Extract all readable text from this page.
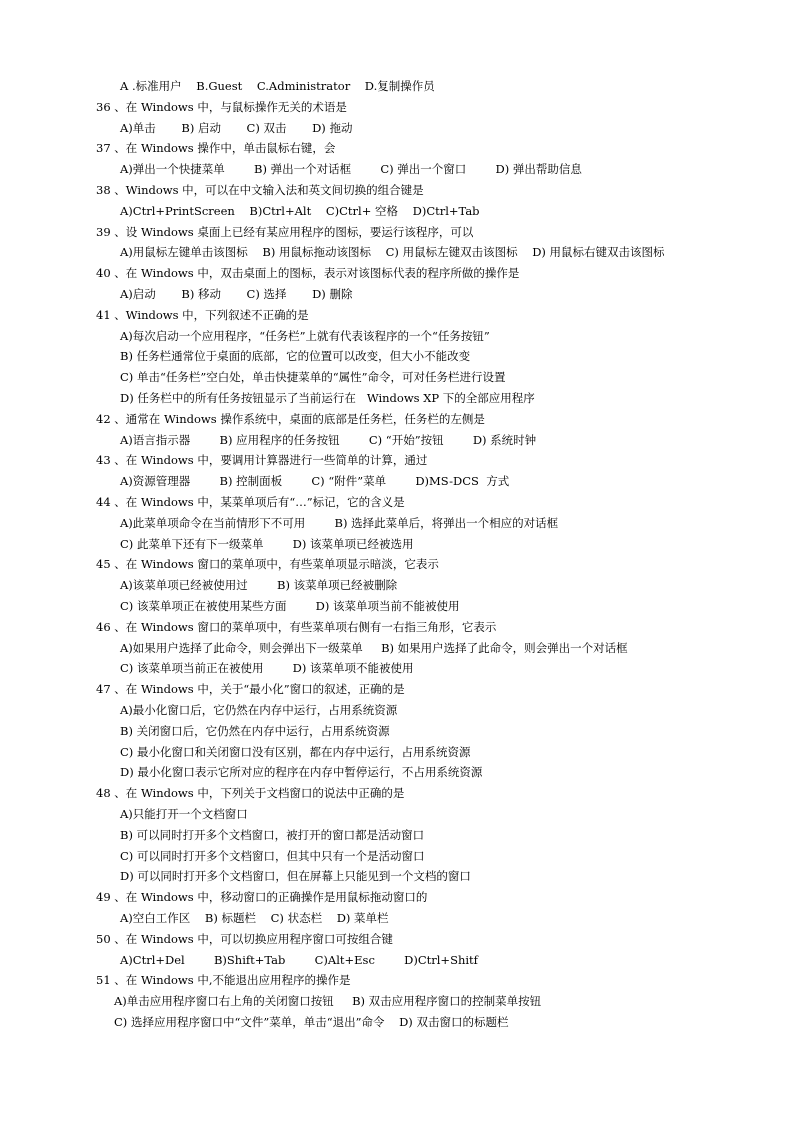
A .标准用户    B.Guest    C.Administrator    D.复制操作员
36 、在 Windows 中，与鼠标操作无关的术语是
A)单击       B) 启动       C) 双击       D) 拖动
37 、在 Windows 操作中，单击鼠标右键，会
A)弹出一个快捷菜单        B) 弹出一个对话框        C) 弹出一个窗口        D) 弹出帮助信息
38 、Windows 中，可以在中文输入法和英文间切换的组合键是
A)Ctrl+PrintScreen    B)Ctrl+Alt    C)Ctrl+ 空格    D)Ctrl+Tab
39 、设 Windows 桌面上已经有某应用程序的图标，要运行该程序，可以
A)用鼠标左键单击该图标    B) 用鼠标拖动该图标    C) 用鼠标左键双击该图标    D) 用鼠标右键双击该图标
40 、在 Windows 中，双击桌面上的图标，表示对该图标代表的程序所做的操作是
A)启动       B) 移动       C) 选择       D) 删除
41 、Windows 中，下列叙述不正确的是
A)每次启动一个应用程序，“任务栏”上就有代表该程序的一个“任务按钮”
B) 任务栏通常位于桌面的底部，它的位置可以改变，但大小不能改变
C) 单击“任务栏”空白处，单击快捷菜单的“属性”命令，可对任务栏进行设置
D) 任务栏中的所有任务按钮显示了当前运行在   Windows XP 下的全部应用程序
42 、通常在 Windows 操作系统中，桌面的底部是任务栏，任务栏的左侧是
A)语言指示器        B) 应用程序的任务按钮        C) “开始”按钮        D) 系统时钟
43 、在 Windows 中，要调用计算器进行一些简单的计算，通过
A)资源管理器        B) 控制面板        C) “附件”菜单        D)MS-DCS  方式
44 、在 Windows 中，某菜单项后有“…”标记，它的含义是
A)此菜单项命令在当前情形下不可用        B) 选择此菜单后，将弹出一个相应的对话框
C) 此菜单下还有下一级菜单        D) 该菜单项已经被选用
45 、在 Windows 窗口的菜单项中，有些菜单项显示暗淡，它表示
A)该菜单项已经被使用过        B) 该菜单项已经被删除
C) 该菜单项正在被使用某些方面        D) 该菜单项当前不能被使用
46 、在 Windows 窗口的菜单项中，有些菜单项右侧有一右指三角形，它表示
A)如果用户选择了此命令，则会弹出下一级菜单     B) 如果用户选择了此命令，则会弹出一个对话框
C) 该菜单项当前正在被使用        D) 该菜单项不能被使用
47 、在 Windows 中，关于“最小化”窗口的叙述，正确的是
A)最小化窗口后，它仍然在内存中运行，占用系统资源
B) 关闭窗口后，它仍然在内存中运行，占用系统资源
C) 最小化窗口和关闭窗口没有区别，都在内存中运行，占用系统资源
D) 最小化窗口表示它所对应的程序在内存中暂停运行，不占用系统资源
48 、在 Windows 中，下列关于文档窗口的说法中正确的是
A)只能打开一个文档窗口
B) 可以同时打开多个文档窗口，被打开的窗口都是活动窗口
C) 可以同时打开多个文档窗口，但其中只有一个是活动窗口
D) 可以同时打开多个文档窗口，但在屏幕上只能见到一个文档的窗口
49 、在 Windows 中，移动窗口的正确操作是用鼠标拖动窗口的
A)空白工作区    B) 标题栏    C) 状态栏    D) 菜单栏
50 、在 Windows 中，可以切换应用程序窗口可按组合键
A)Ctrl+Del        B)Shift+Tab        C)Alt+Esc        D)Ctrl+Shitf
51 、在 Windows 中,不能退出应用程序的操作是
A)单击应用程序窗口右上角的关闭窗口按钮     B) 双击应用程序窗口的控制菜单按钮
C) 选择应用程序窗口中“文件”菜单，单击“退出”命令    D) 双击窗口的标题栏
